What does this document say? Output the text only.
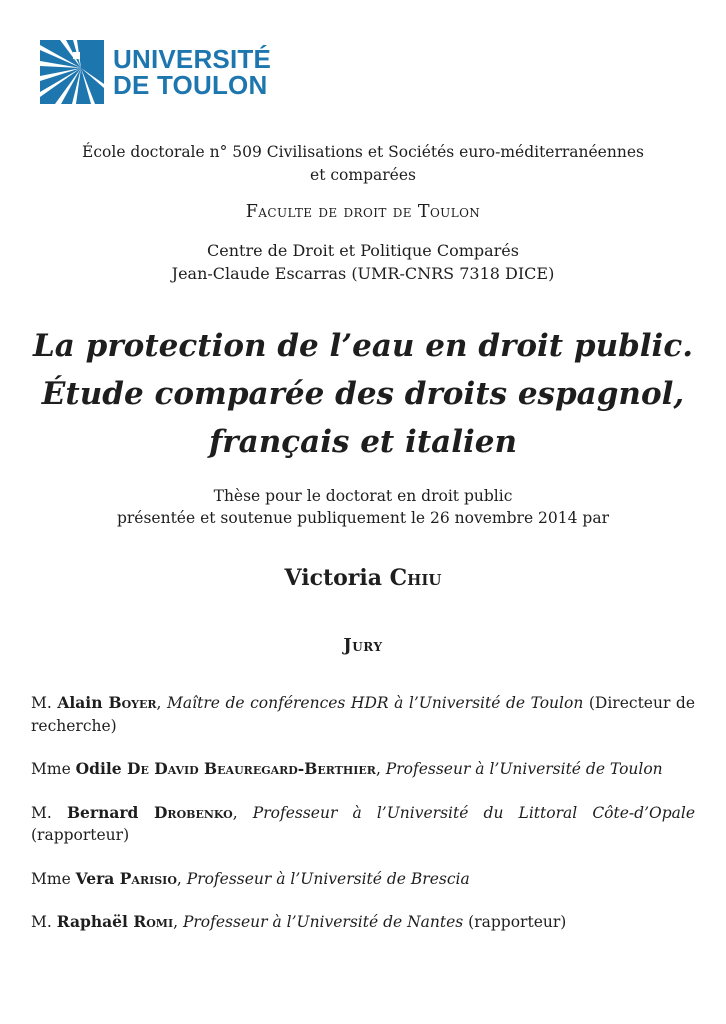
UNIVERSITÉ
DE TOULON
École doctorale n° 509 Civilisations et Sociétés euro-méditerranéennes
et comparées
Faculte de droit de Toulon
Centre de Droit et Politique Comparés
Jean-Claude Escarras (UMR-CNRS 7318 DICE)
La protection de l’eau en droit public.
Étude comparée des droits espagnol,
français et italien
Thèse pour le doctorat en droit public
présentée et soutenue publiquement le 26 novembre 2014 par
Victoria Chiu
Jury

M. Alain Boyer, Maître de conférences HDR à l’Université de Toulon (Directeur de recherche)

Mme Odile De David Beauregard-Berthier, Professeur à l’Université de Toulon

M. Bernard Drobenko, Professeur à l’Université du Littoral Côte-d’Opale (rapporteur)

Mme Vera Parisio, Professeur à l’Université de Brescia

M. Raphaël Romi, Professeur à l’Université de Nantes (rapporteur)
